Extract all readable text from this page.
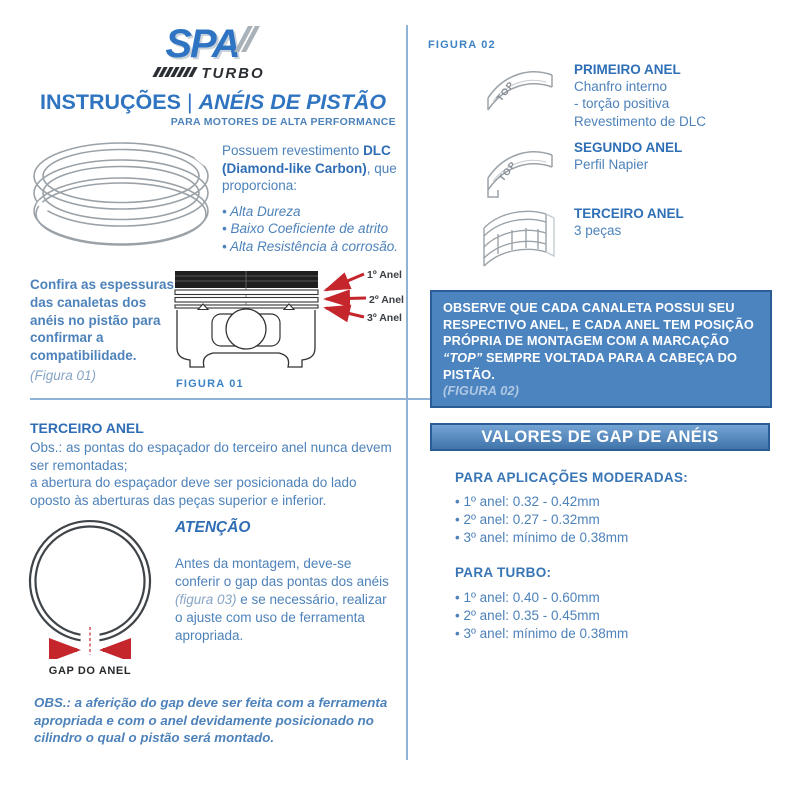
SPA
TURBO
INSTRUÇÕES | ANÉIS DE PISTÃO
PARA MOTORES DE ALTA PERFORMANCE
Possuem revestimento DLC (Diamond-like Carbon), que proporciona:
• Alta Dureza
• Baixo Coeficiente de atrito
• Alta Resistência à corrosão.
Confira as espessuras das canaletas dos anéis no pistão para confirmar a compatibilidade.
(Figura 01)
1º Anel
2º Anel
3º Anel
FIGURA 01
FIGURA 02
TOP
PRIMEIRO ANEL
Chanfro interno
- torção positiva
Revestimento de DLC
TOP
SEGUNDO ANEL
Perfil Napier
TERCEIRO ANEL
3 peças
OBSERVE QUE CADA CANALETA POSSUI SEU RESPECTIVO ANEL, E CADA ANEL TEM POSIÇÃO PRÓPRIA DE MONTAGEM COM A MARCAÇÃO “TOP” SEMPRE VOLTADA PARA A CABEÇA DO PISTÃO.
(FIGURA 02)
VALORES DE GAP DE ANÉIS
PARA APLICAÇÕES MODERADAS:
• 1º anel: 0.32 - 0.42mm
• 2º anel: 0.27 - 0.32mm
• 3º anel: mínimo de 0.38mm
PARA TURBO:
• 1º anel: 0.40 - 0.60mm
• 2º anel: 0.35 - 0.45mm
• 3º anel: mínimo de 0.38mm
TERCEIRO ANEL
Obs.: as pontas do espaçador do terceiro anel nunca devem ser remontadas;
a abertura do espaçador deve ser posicionada do lado oposto às aberturas das peças superior e inferior.
GAP DO ANEL
ATENÇÃO
Antes da montagem, deve-se conferir o gap das pontas dos anéis (figura 03) e se necessário, realizar o ajuste com uso de ferramenta apropriada.
OBS.: a aferição do gap deve ser feita com a ferramenta apropriada e com o anel devidamente posicionado no cilindro o qual o pistão será montado.
